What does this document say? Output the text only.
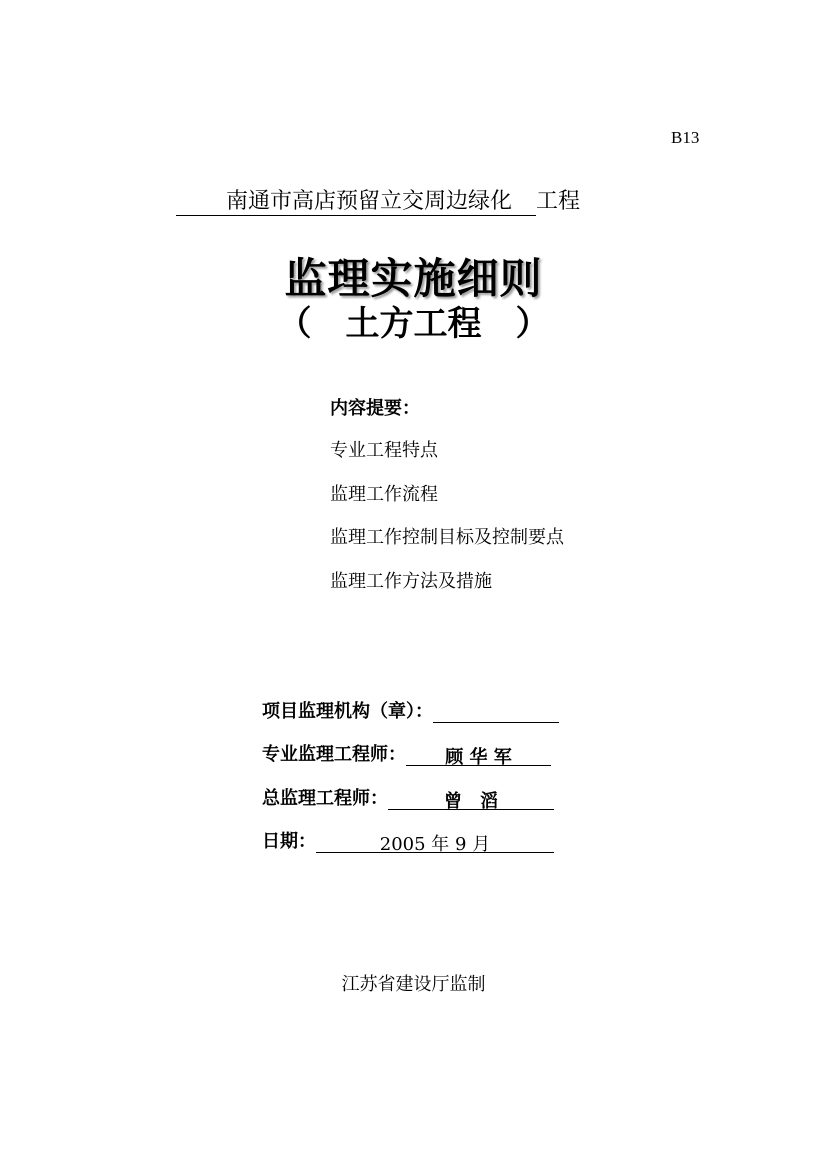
B13
南通市高店预留立交周边绿化 工程
监理实施细则
（ 土方工程 ）
内容提要：
专业工程特点
监理工作流程
监理工作控制目标及控制要点
监理工作方法及措施
项目监理机构（章）：
专业监理工程师： 顾 华 军
总监理工程师：	曾　滔
日期：	2005 年 9 月
江苏省建设厅监制
